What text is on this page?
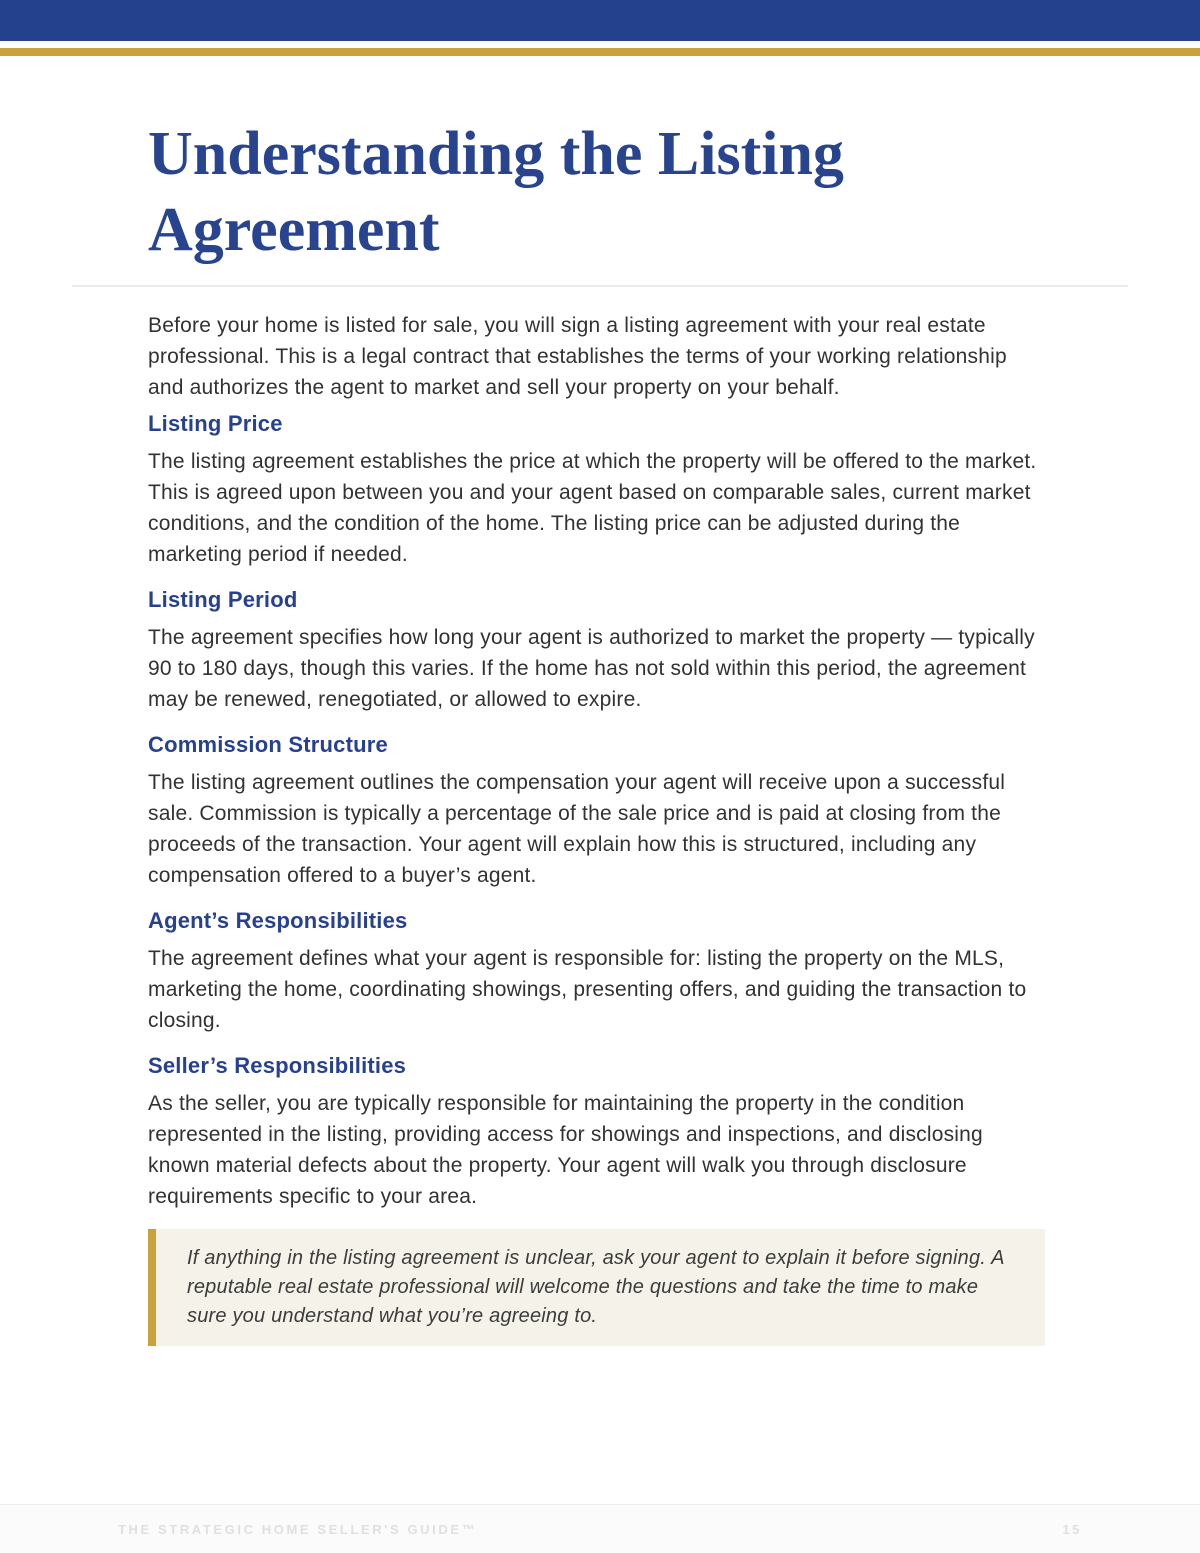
Understanding the Listing Agreement

Before your home is listed for sale, you will sign a listing agreement with your real estate professional. This is a legal contract that establishes the terms of your working relationship and authorizes the agent to market and sell your property on your behalf.

Listing Price

The listing agreement establishes the price at which the property will be offered to the market. This is agreed upon between you and your agent based on comparable sales, current market conditions, and the condition of the home. The listing price can be adjusted during the marketing period if needed.

Listing Period

The agreement specifies how long your agent is authorized to market the property — typically 90 to 180 days, though this varies. If the home has not sold within this period, the agreement may be renewed, renegotiated, or allowed to expire.

Commission Structure

The listing agreement outlines the compensation your agent will receive upon a successful sale. Commission is typically a percentage of the sale price and is paid at closing from the proceeds of the transaction. Your agent will explain how this is structured, including any compensation offered to a buyer’s agent.

Agent’s Responsibilities

The agreement defines what your agent is responsible for: listing the property on the MLS, marketing the home, coordinating showings, presenting offers, and guiding the transaction to closing.

Seller’s Responsibilities

As the seller, you are typically responsible for maintaining the property in the condition represented in the listing, providing access for showings and inspections, and disclosing known material defects about the property. Your agent will walk you through disclosure requirements specific to your area.

If anything in the listing agreement is unclear, ask your agent to explain it before signing. A reputable real estate professional will welcome the questions and take the time to make sure you understand what you’re agreeing to.

THE STRATEGIC HOME SELLER'S GUIDE™	15
